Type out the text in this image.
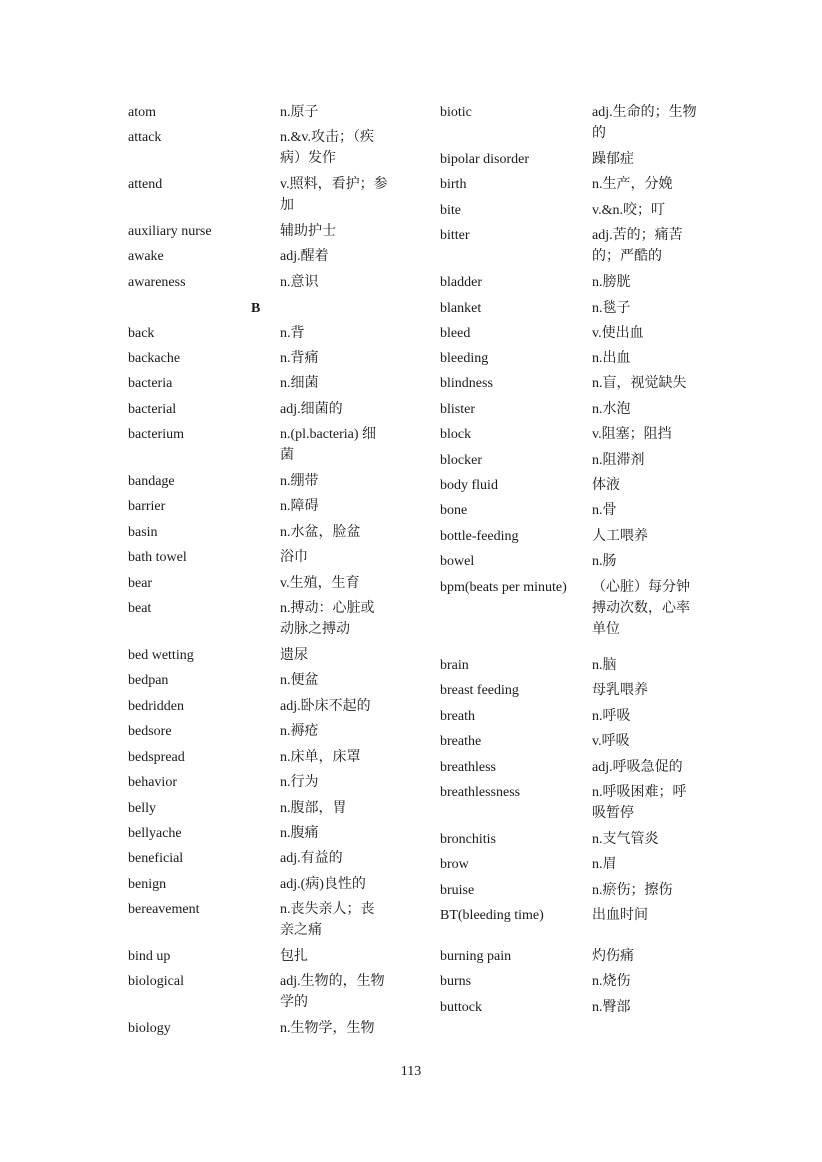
atom	n.原子
attack	n.&v.攻击；（疾病）发作
attend	v.照料，看护；参加
auxiliary nurse	辅助护士
awake	adj.醒着
awareness	n.意识
B
back	n.背
backache	n.背痛
bacteria	n.细菌
bacterial	adj.细菌的
bacterium	n.(pl.bacteria) 细菌
bandage	n.绷带
barrier	n.障碍
basin	n.水盆，脸盆
bath towel	浴巾
bear	v.生殖，生育
beat	n.搏动：心脏或动脉之搏动
bed wetting	遗尿
bedpan	n.便盆
bedridden	adj.卧床不起的
bedsore	n.褥疮
bedspread	n.床单，床罩
behavior	n.行为
belly	n.腹部，胃
bellyache	n.腹痛
beneficial	adj.有益的
benign	adj.(病)良性的
bereavement	n.丧失亲人；丧亲之痛
bind up	包扎
biological	adj.生物的，生物学的
biology	n.生物学，生物
biotic	adj.生命的；生物的
bipolar disorder	躁郁症
birth	n.生产，分娩
bite	v.&n.咬；叮
bitter	adj.苦的；痛苦的；严酷的
bladder	n.膀胱
blanket	n.毯子
bleed	v.使出血
bleeding	n.出血
blindness	n.盲，视觉缺失
blister	n.水泡
block	v.阻塞；阻挡
blocker	n.阻滞剂
body fluid	体液
bone	n.骨
bottle-feeding	人工喂养
bowel	n.肠
bpm(beats per minute)	（心脏）每分钟搏动次数，心率单位
brain	n.脑
breast feeding	母乳喂养
breath	n.呼吸
breathe	v.呼吸
breathless	adj.呼吸急促的
breathlessness	n.呼吸困难；呼吸暂停
bronchitis	n.支气管炎
brow	n.眉
bruise	n.瘀伤；擦伤
BT(bleeding time)	出血时间
burning pain	灼伤痛
burns	n.烧伤
buttock	n.臀部
113
